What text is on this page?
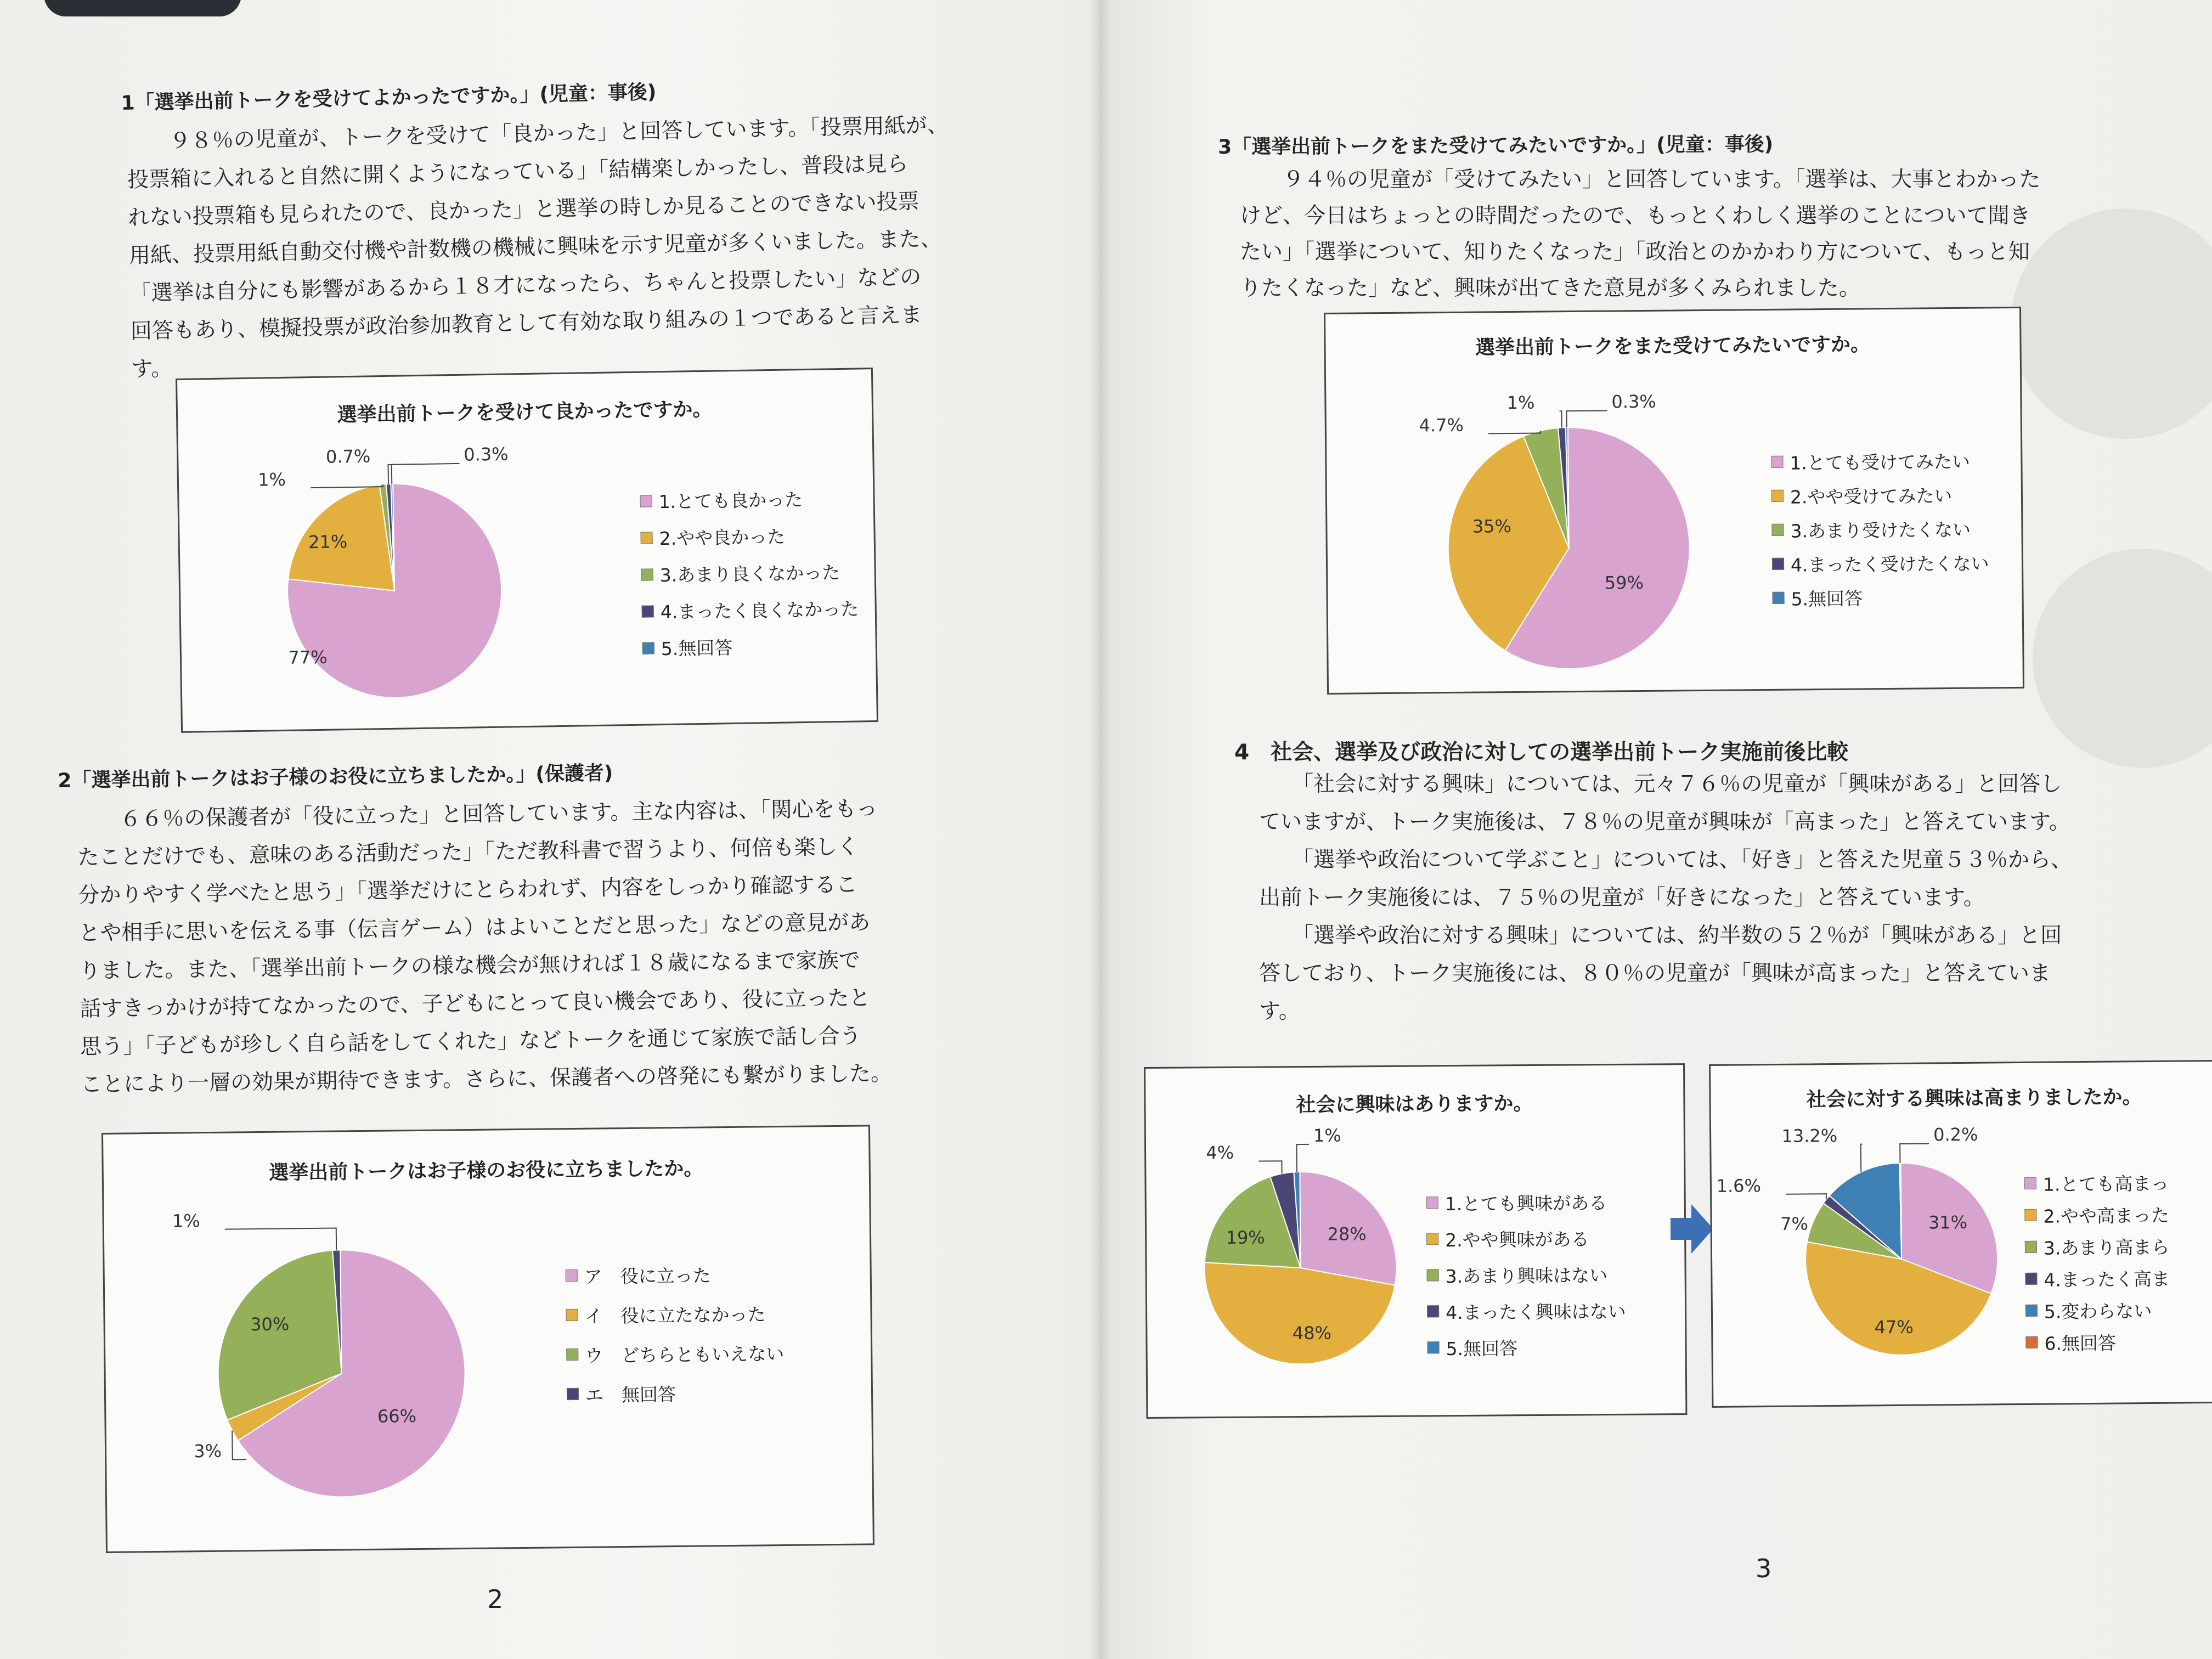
1「選挙出前トークを受けてよかったですか。」(児童：事後)

９８％の児童が、トークを受けて「良かった」と回答しています。「投票用紙が、

投票箱に入れると自然に開くようになっている」「結構楽しかったし、普段は見ら

れない投票箱も見られたので、良かった」と選挙の時しか見ることのできない投票

用紙、投票用紙自動交付機や計数機の機械に興味を示す児童が多くいました。また、

「選挙は自分にも影響があるから１８才になったら、ちゃんと投票したい」などの

回答もあり、模擬投票が政治参加教育として有効な取り組みの１つであると言えま

す。

選挙出前トークを受けて良かったですか。
77%
21%
1%
0.7%	0.3%
1.とても良かった
2.やや良かった
3.あまり良くなかった
4.まったく良くなかった
5.無回答
2「選挙出前トークはお子様のお役に立ちましたか。」(保護者)

６６％の保護者が「役に立った」と回答しています。主な内容は、「関心をもっ

たことだけでも、意味のある活動だった」「ただ教科書で習うより、何倍も楽しく

分かりやすく学べたと思う」「選挙だけにとらわれず、内容をしっかり確認するこ

とや相手に思いを伝える事（伝言ゲーム）はよいことだと思った」などの意見があ

りました。また、「選挙出前トークの様な機会が無ければ１８歳になるまで家族で

話すきっかけが持てなかったので、子どもにとって良い機会であり、役に立ったと

思う」「子どもが珍しく自ら話をしてくれた」などトークを通じて家族で話し合う

ことにより一層の効果が期待できます。さらに、保護者への啓発にも繋がりました。

選挙出前トークはお子様のお役に立ちましたか。
66%
3%
30%
1%
ア　役に立った
イ　役に立たなかった
ウ　どちらともいえない
エ　無回答
2
3「選挙出前トークをまた受けてみたいですか。」(児童：事後)

９４％の児童が「受けてみたい」と回答しています。「選挙は、大事とわかった

けど、今日はちょっとの時間だったので、もっとくわしく選挙のことについて聞き

たい」「選挙について、知りたくなった」「政治とのかかわり方について、もっと知

りたくなった」など、興味が出てきた意見が多くみられました。

選挙出前トークをまた受けてみたいですか。
59%
35%
4.7%
1%	0.3%
1.とても受けてみたい
2.やや受けてみたい
3.あまり受けたくない
4.まったく受けたくない
5.無回答
4　社会、選挙及び政治に対しての選挙出前トーク実施前後比較

「社会に対する興味」については、元々７６％の児童が「興味がある」と回答し

ていますが、トーク実施後は、７８％の児童が興味が「高まった」と答えています。

「選挙や政治について学ぶこと」については、「好き」と答えた児童５３％から、

出前トーク実施後には、７５％の児童が「好きになった」と答えています。

「選挙や政治に対する興味」については、約半数の５２％が「興味がある」と回

答しており、トーク実施後には、８０％の児童が「興味が高まった」と答えていま

す。

社会に興味はありますか。
28%
48%
19%
4%
1%
1.とても興味がある
2.やや興味がある
3.あまり興味はない
4.まったく興味はない
5.無回答
社会に対する興味は高まりましたか。
31%
47%
7%
1.6%
13.2%	0.2%
1.とても高まっ
2.やや高まった
3.あまり高まら
4.まったく高ま
5.変わらない
6.無回答
3
